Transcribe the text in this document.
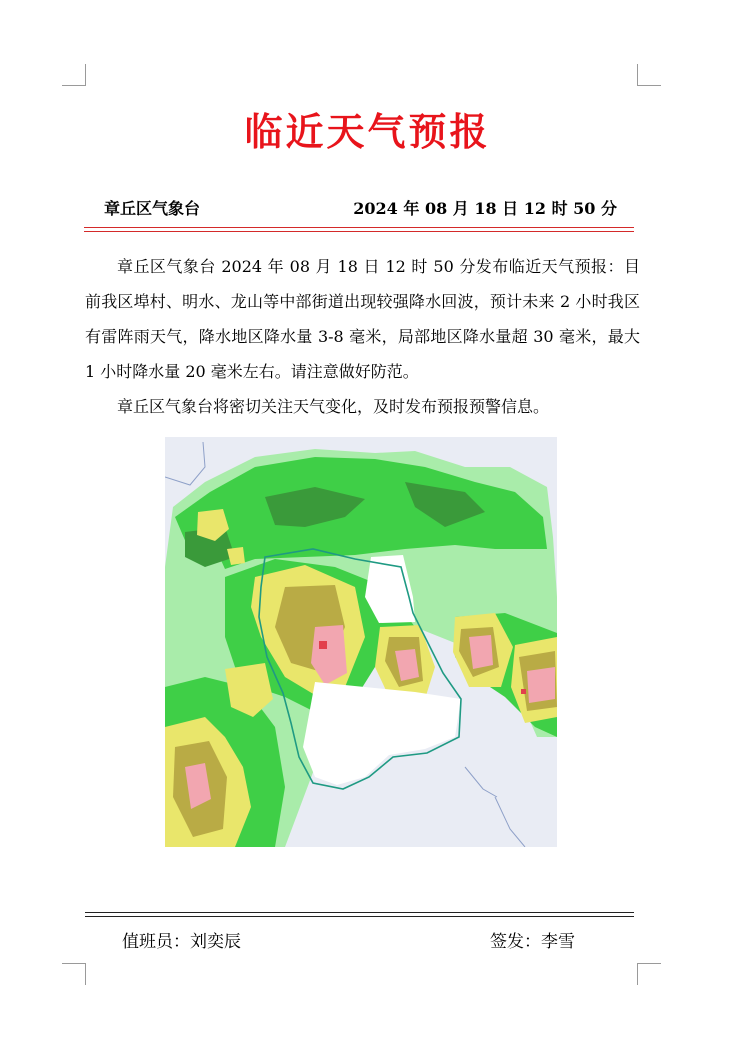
临近天气预报
章丘区气象台	2024 年 08 月 18 日 12 时 50 分

章丘区气象台 2024 年 08 月 18 日 12 时 50 分发布临近天气预报：目前我区埠村、明水、龙山等中部街道出现较强降水回波，预计未来 2 小时我区有雷阵雨天气，降水地区降水量 3-8 毫米，局部地区降水量超 30 毫米，最大 1 小时降水量 20 毫米左右。请注意做好防范。

章丘区气象台将密切关注天气变化，及时发布预报预警信息。

值班员：刘奕辰	签发：李雪
